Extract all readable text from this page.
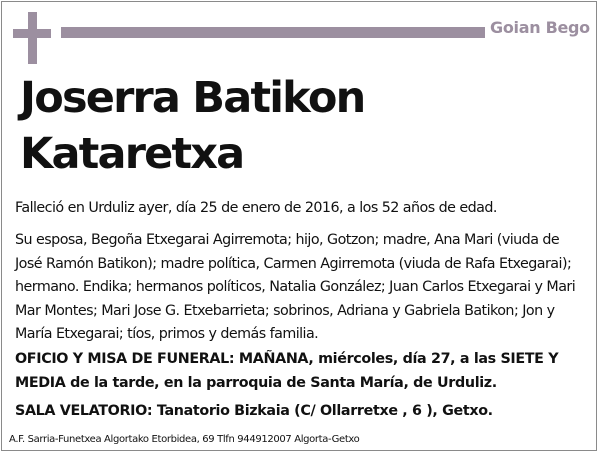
Goian Bego
Joserra Batikon
Kataretxa
Falleció en Urduliz ayer, día 25 de enero de 2016, a los 52 años de edad.
Su esposa, Begoña Etxegarai Agirremota; hijo, Gotzon; madre, Ana Mari (viuda de José Ramón Batikon); madre política, Carmen Agirremota (viuda de Rafa Etxegarai); hermano. Endika; hermanos políticos, Natalia González; Juan Carlos Etxegarai y Mari Mar Montes; Mari Jose G. Etxebarrieta; sobrinos, Adriana y Gabriela Batikon; Jon y María Etxegarai; tíos, primos y demás familia.
OFICIO Y MISA DE FUNERAL: MAÑANA, miércoles, día 27, a las SIETE Y MEDIA de la tarde, en la parroquia de Santa María, de Urduliz.
SALA VELATORIO: Tanatorio Bizkaia (C/ Ollarretxe , 6 ), Getxo.
A.F. Sarria-Funetxea Algortako Etorbidea, 69 Tlfn 944912007 Algorta-Getxo
